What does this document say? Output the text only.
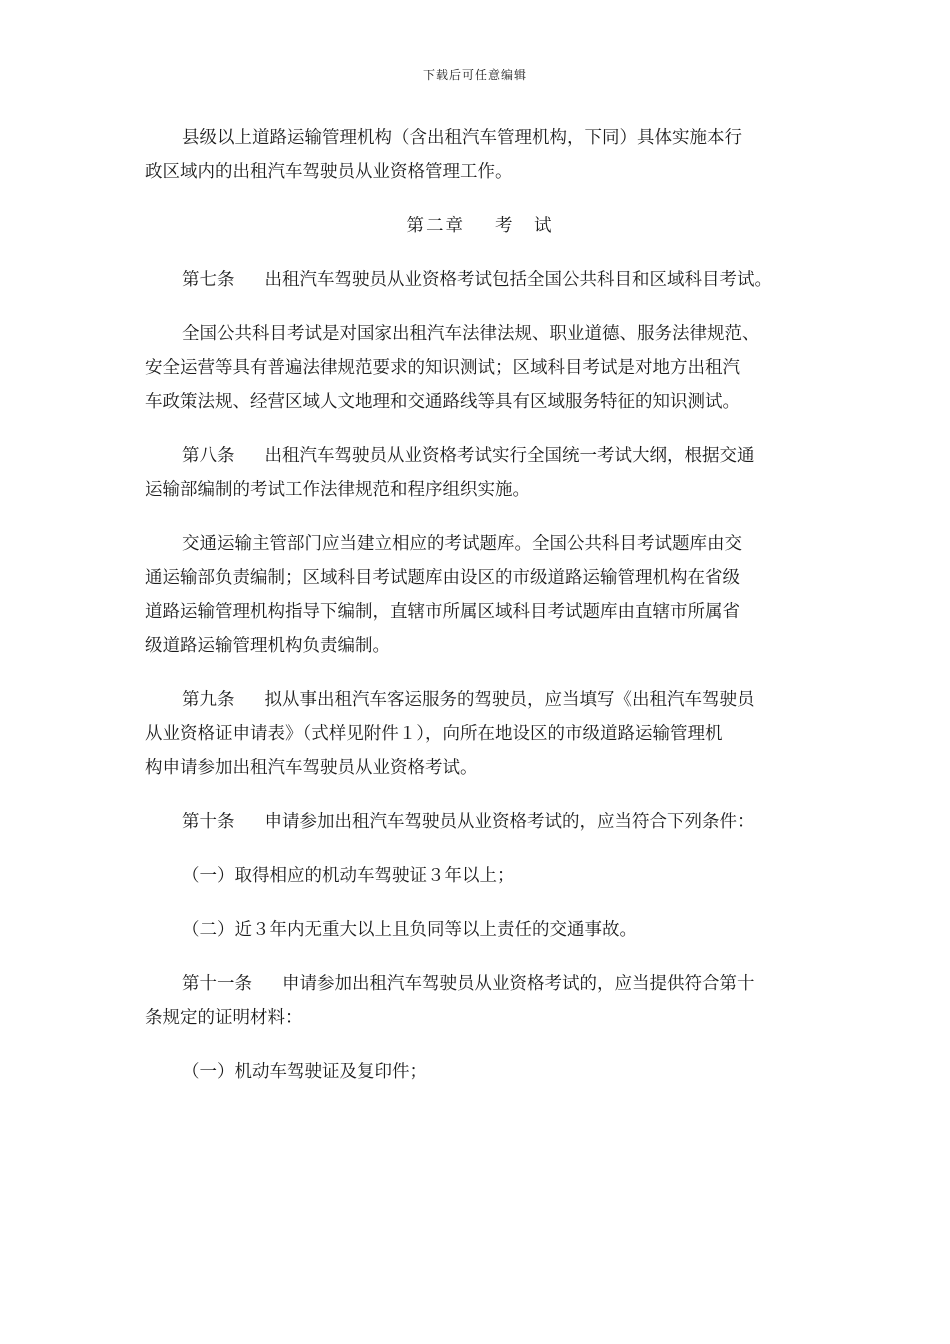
下载后可任意编辑
县级以上道路运输管理机构（含出租汽车管理机构，下同）具体实施本行
政区域内的出租汽车驾驶员从业资格管理工作。
第二章 考　试
第七条 出租汽车驾驶员从业资格考试包括全国公共科目和区域科目考试。
全国公共科目考试是对国家出租汽车法律法规、职业道德、服务法律规范、
安全运营等具有普遍法律规范要求的知识测试；区域科目考试是对地方出租汽
车政策法规、经营区域人文地理和交通路线等具有区域服务特征的知识测试。
第八条 出租汽车驾驶员从业资格考试实行全国统一考试大纲，根据交通
运输部编制的考试工作法律规范和程序组织实施。
交通运输主管部门应当建立相应的考试题库。全国公共科目考试题库由交
通运输部负责编制；区域科目考试题库由设区的市级道路运输管理机构在省级
道路运输管理机构指导下编制，直辖市所属区域科目考试题库由直辖市所属省
级道路运输管理机构负责编制。
第九条 拟从事出租汽车客运服务的驾驶员，应当填写《出租汽车驾驶员
从业资格证申请表》（式样见附件１），向所在地设区的市级道路运输管理机
构申请参加出租汽车驾驶员从业资格考试。
第十条 申请参加出租汽车驾驶员从业资格考试的，应当符合下列条件：
（一）取得相应的机动车驾驶证３年以上；
（二）近３年内无重大以上且负同等以上责任的交通事故。
第十一条 申请参加出租汽车驾驶员从业资格考试的，应当提供符合第十
条规定的证明材料：
（一）机动车驾驶证及复印件；
